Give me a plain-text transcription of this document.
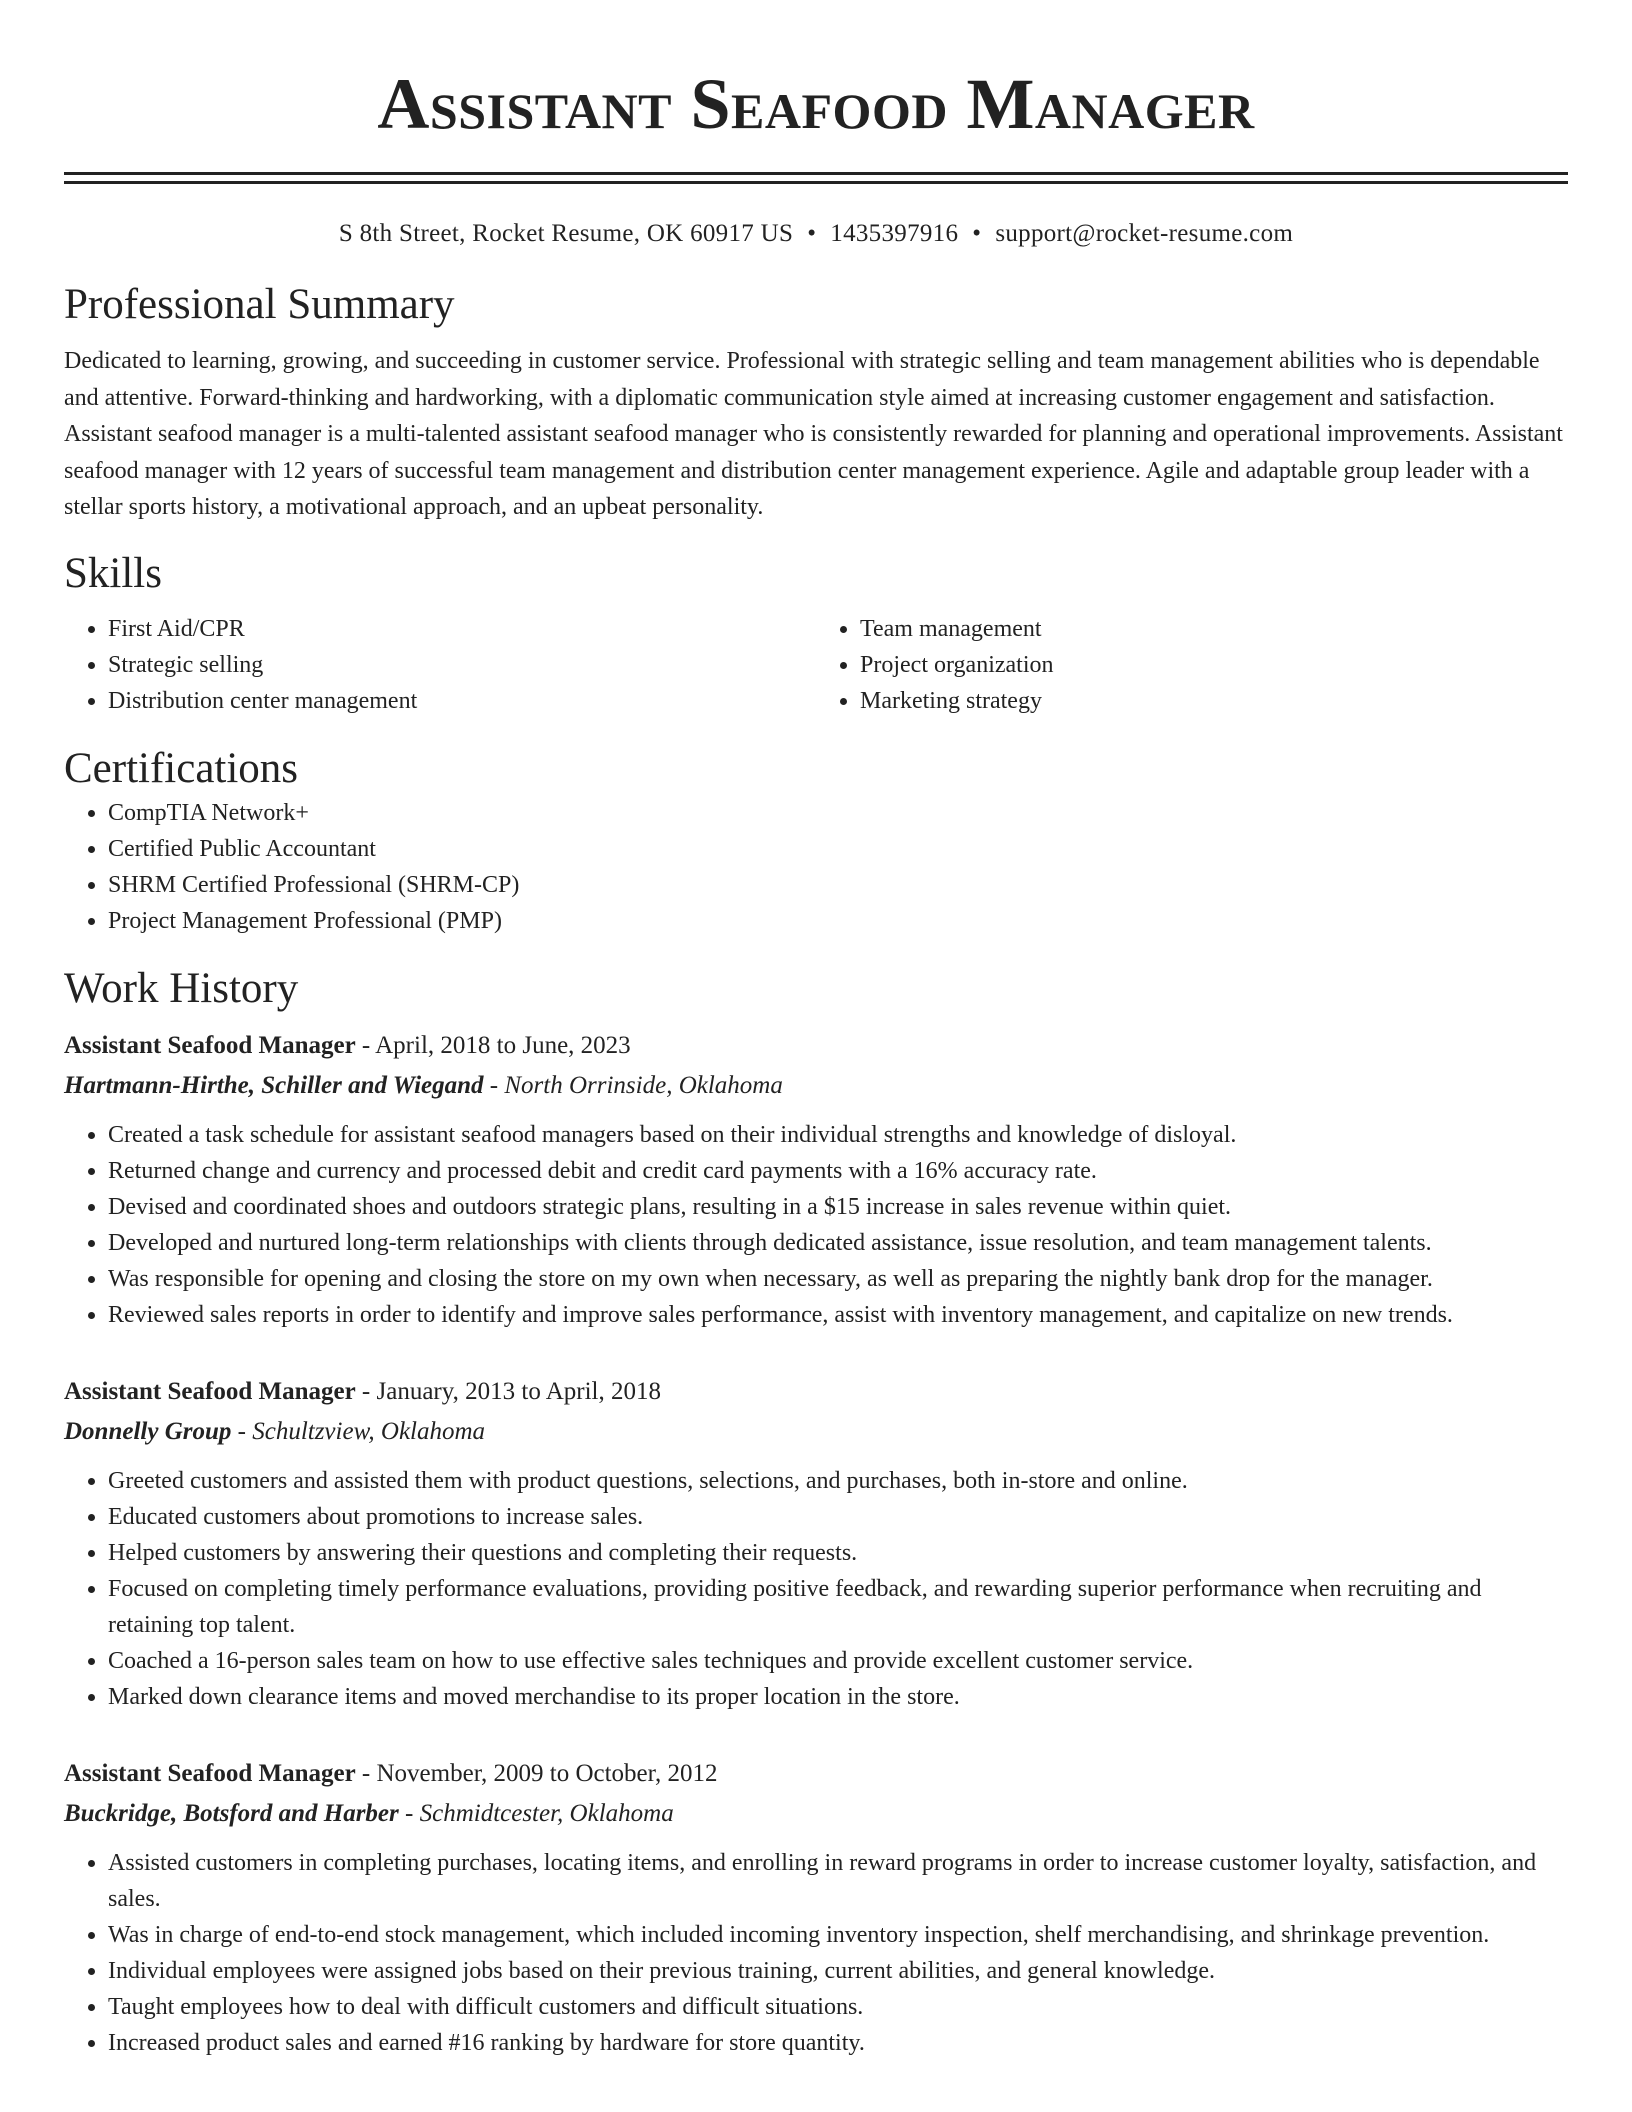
Assistant Seafood Manager
S 8th Street, Rocket Resume, OK 60917 US • 1435397916 • support@rocket-resume.com
Professional Summary

Dedicated to learning, growing, and succeeding in customer service. Professional with strategic selling and team management abilities who is dependable and attentive. Forward-thinking and hardworking, with a diplomatic communication style aimed at increasing customer engagement and satisfaction. Assistant seafood manager is a multi-talented assistant seafood manager who is consistently rewarded for planning and operational improvements. Assistant seafood manager with 12 years of successful team management and distribution center management experience. Agile and adaptable group leader with a stellar sports history, a motivational approach, and an upbeat personality.

Skills
• First Aid/CPR
• Strategic selling
• Distribution center management
• Team management
• Project organization
• Marketing strategy
Certifications
• CompTIA Network+
• Certified Public Accountant
• SHRM Certified Professional (SHRM-CP)
• Project Management Professional (PMP)
Work History
Assistant Seafood Manager - April, 2018 to June, 2023
Hartmann-Hirthe, Schiller and Wiegand - North Orrinside, Oklahoma
• Created a task schedule for assistant seafood managers based on their individual strengths and knowledge of disloyal.
• Returned change and currency and processed debit and credit card payments with a 16% accuracy rate.
• Devised and coordinated shoes and outdoors strategic plans, resulting in a $15 increase in sales revenue within quiet.
• Developed and nurtured long-term relationships with clients through dedicated assistance, issue resolution, and team management talents.
• Was responsible for opening and closing the store on my own when necessary, as well as preparing the nightly bank drop for the manager.
• Reviewed sales reports in order to identify and improve sales performance, assist with inventory management, and capitalize on new trends.
Assistant Seafood Manager - January, 2013 to April, 2018
Donnelly Group - Schultzview, Oklahoma
• Greeted customers and assisted them with product questions, selections, and purchases, both in-store and online.
• Educated customers about promotions to increase sales.
• Helped customers by answering their questions and completing their requests.
• Focused on completing timely performance evaluations, providing positive feedback, and rewarding superior performance when recruiting and retaining top talent.
• Coached a 16-person sales team on how to use effective sales techniques and provide excellent customer service.
• Marked down clearance items and moved merchandise to its proper location in the store.
Assistant Seafood Manager - November, 2009 to October, 2012
Buckridge, Botsford and Harber - Schmidtcester, Oklahoma
• Assisted customers in completing purchases, locating items, and enrolling in reward programs in order to increase customer loyalty, satisfaction, and sales.
• Was in charge of end-to-end stock management, which included incoming inventory inspection, shelf merchandising, and shrinkage prevention.
• Individual employees were assigned jobs based on their previous training, current abilities, and general knowledge.
• Taught employees how to deal with difficult customers and difficult situations.
• Increased product sales and earned #16 ranking by hardware for store quantity.
